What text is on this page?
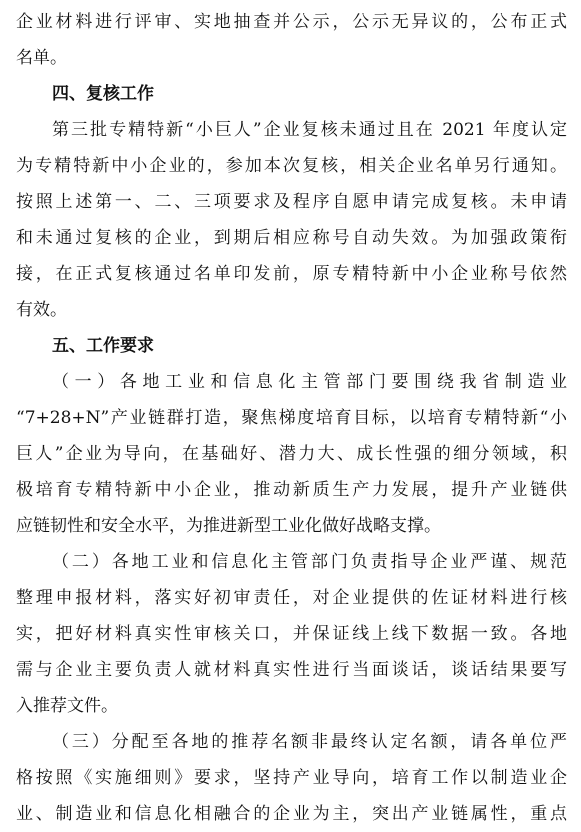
企业材料进行评审、实地抽查并公示，公示无异议的，公布正式
名单。
四、复核工作
第三批专精特新“小巨人”企业复核未通过且在 2021 年度认定
为专精特新中小企业的，参加本次复核，相关企业名单另行通知。
按照上述第一、二、三项要求及程序自愿申请完成复核。未申请
和未通过复核的企业，到期后相应称号自动失效。为加强政策衔
接，在正式复核通过名单印发前，原专精特新中小企业称号依然
有效。
五、工作要求
（一）各地工业和信息化主管部门要围绕我省制造业
“7+28+N”产业链群打造，聚焦梯度培育目标，以培育专精特新“小
巨人”企业为导向，在基础好、潜力大、成长性强的细分领域，积
极培育专精特新中小企业，推动新质生产力发展，提升产业链供
应链韧性和安全水平，为推进新型工业化做好战略支撑。
（二）各地工业和信息化主管部门负责指导企业严谨、规范
整理申报材料，落实好初审责任，对企业提供的佐证材料进行核
实，把好材料真实性审核关口，并保证线上线下数据一致。各地
需与企业主要负责人就材料真实性进行当面谈话，谈话结果要写
入推荐文件。
（三）分配至各地的推荐名额非最终认定名额，请各单位严
格按照《实施细则》要求，坚持产业导向，培育工作以制造业企
业、制造业和信息化相融合的企业为主，突出产业链属性，重点
